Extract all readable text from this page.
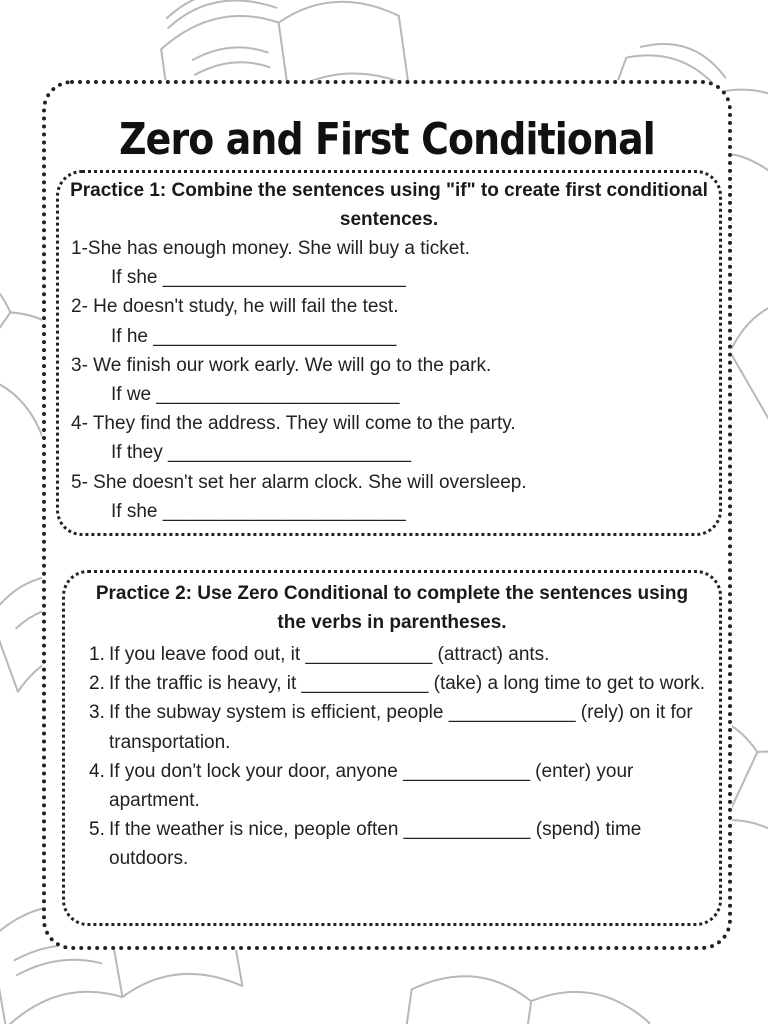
Zero and First Conditional

Practice 1: Combine the sentences using "if" to create first conditional sentences.

1-She has enough money. She will buy a ticket.
If she _______________________
2- He doesn't study, he will fail the test.
If he _______________________
3- We finish our work early. We will go to the park.
If we _______________________
4- They find the address. They will come to the party.
If they _______________________
5- She doesn't set her alarm clock. She will oversleep.
If she _______________________

Practice 2: Use Zero Conditional to complete the sentences using the verbs in parentheses.

1. If you leave food out, it ____________ (attract) ants.
2. If the traffic is heavy, it ____________ (take) a long time to get to work.
3. If the subway system is efficient, people ____________ (rely) on it for transportation.
4. If you don't lock your door, anyone ____________ (enter) your apartment.
5. If the weather is nice, people often ____________ (spend) time outdoors.
